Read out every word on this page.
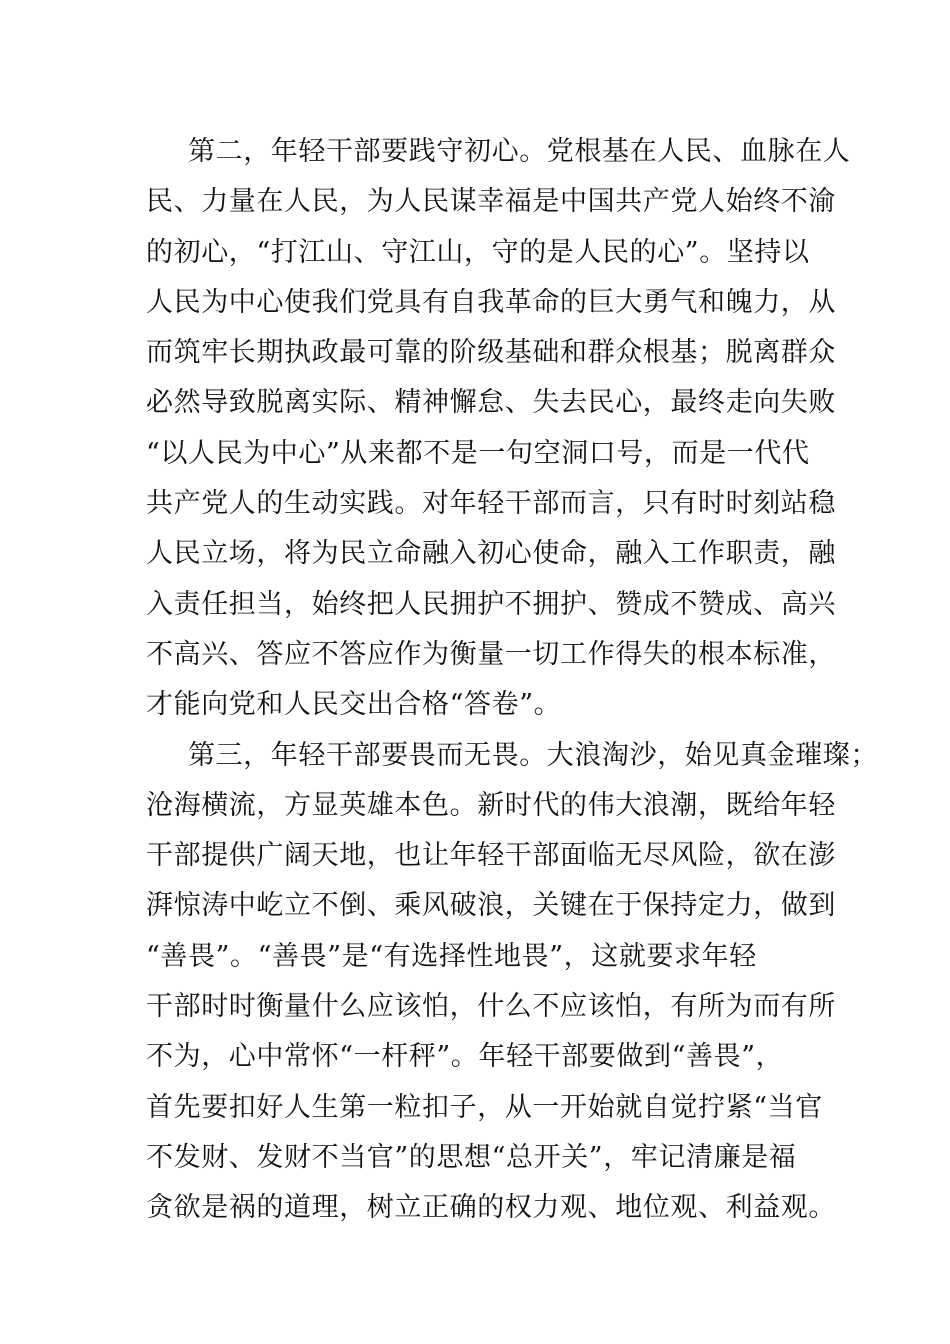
第二，年轻干部要践守初心。党根基在人民、血脉在人
民、力量在人民，为人民谋幸福是中国共产党人始终不渝
的初心，“打江山、守江山，守的是人民的心”。坚持以
人民为中心使我们党具有自我革命的巨大勇气和魄力，从
而筑牢长期执政最可靠的阶级基础和群众根基；脱离群众
必然导致脱离实际、精神懈怠、失去民心，最终走向失败
“以人民为中心”从来都不是一句空洞口号，而是一代代
共产党人的生动实践。对年轻干部而言，只有时时刻站稳
人民立场，将为民立命融入初心使命，融入工作职责，融
入责任担当，始终把人民拥护不拥护、赞成不赞成、高兴
不高兴、答应不答应作为衡量一切工作得失的根本标准，
才能向党和人民交出合格“答卷”。
第三，年轻干部要畏而无畏。大浪淘沙，始见真金璀璨；
沧海横流，方显英雄本色。新时代的伟大浪潮，既给年轻
干部提供广阔天地，也让年轻干部面临无尽风险，欲在澎
湃惊涛中屹立不倒、乘风破浪，关键在于保持定力，做到
“善畏”。“善畏”是“有选择性地畏”，这就要求年轻
干部时时衡量什么应该怕，什么不应该怕，有所为而有所
不为，心中常怀“一杆秤”。年轻干部要做到“善畏”，
首先要扣好人生第一粒扣子，从一开始就自觉拧紧“当官
不发财、发财不当官”的思想“总开关”，牢记清廉是福
贪欲是祸的道理，树立正确的权力观、地位观、利益观。
